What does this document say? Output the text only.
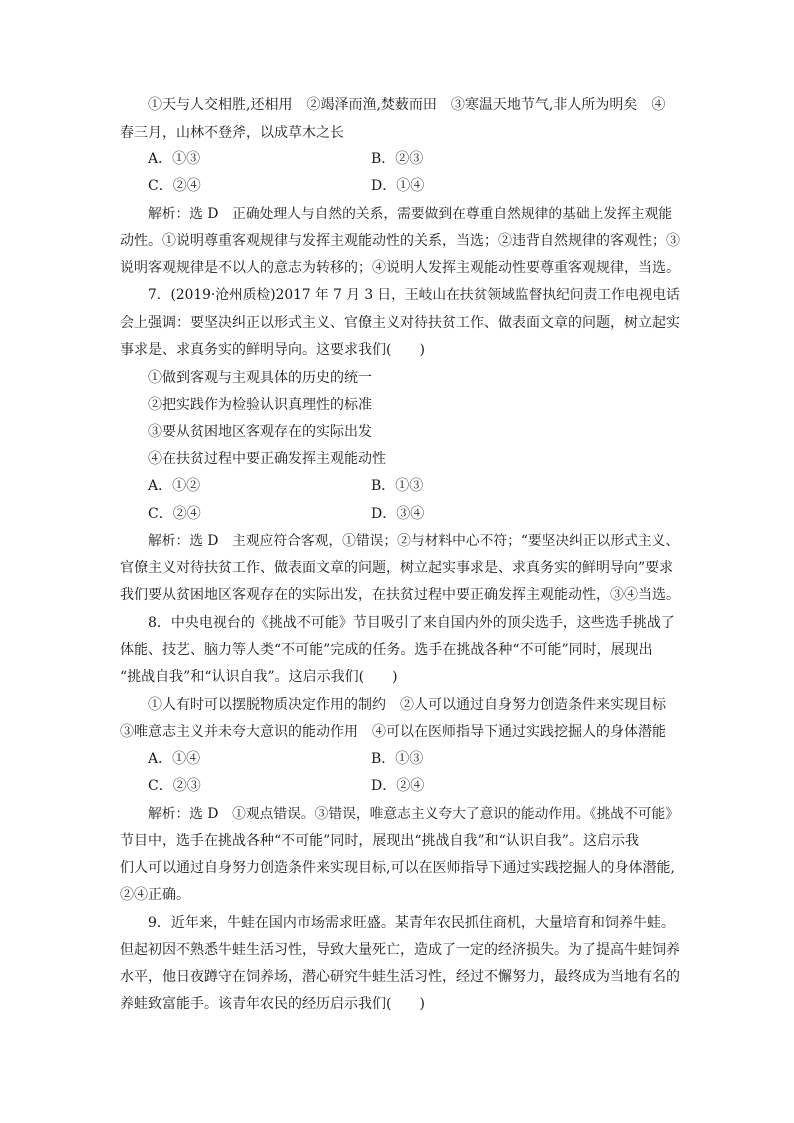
①天与人交相胜,还相用　②竭泽而渔,焚薮而田　③寒温天地节气,非人所为明矣　④
春三月，山林不登斧，以成草木之长
A．①③	B．②③
C．②④	D．①④
解析：选 D　正确处理人与自然的关系，需要做到在尊重自然规律的基础上发挥主观能
动性。①说明尊重客观规律与发挥主观能动性的关系，当选；②违背自然规律的客观性；③
说明客观规律是不以人的意志为转移的；④说明人发挥主观能动性要尊重客观规律，当选。
7．(2019·沧州质检)2017 年 7 月 3 日，王岐山在扶贫领域监督执纪问责工作电视电话
会上强调：要坚决纠正以形式主义、官僚主义对待扶贫工作、做表面文章的问题，树立起实
事求是、求真务实的鲜明导向。这要求我们(　　)
①做到客观与主观具体的历史的统一
②把实践作为检验认识真理性的标准
③要从贫困地区客观存在的实际出发
④在扶贫过程中要正确发挥主观能动性
A．①②	B．①③
C．②④	D．③④
解析：选 D　主观应符合客观，①错误；②与材料中心不符；“要坚决纠正以形式主义、
官僚主义对待扶贫工作、做表面文章的问题，树立起实事求是、求真务实的鲜明导向”要求
我们要从贫困地区客观存在的实际出发，在扶贫过程中要正确发挥主观能动性，③④当选。
8．中央电视台的《挑战不可能》节目吸引了来自国内外的顶尖选手，这些选手挑战了
体能、技艺、脑力等人类“不可能”完成的任务。选手在挑战各种“不可能”同时，展现出
“挑战自我”和“认识自我”。这启示我们(　　)
①人有时可以摆脱物质决定作用的制约　②人可以通过自身努力创造条件来实现目标
③唯意志主义并未夸大意识的能动作用　④可以在医师指导下通过实践挖掘人的身体潜能
A．①④	B．①③
C．②③	D．②④
解析：选 D　①观点错误。③错误，唯意志主义夸大了意识的能动作用。《挑战不可能》
节目中，选手在挑战各种“不可能”同时，展现出“挑战自我”和“认识自我”。这启示我
们人可以通过自身努力创造条件来实现目标,可以在医师指导下通过实践挖掘人的身体潜能,
②④正确。
9．近年来，牛蛙在国内市场需求旺盛。某青年农民抓住商机，大量培育和饲养牛蛙。
但起初因不熟悉牛蛙生活习性，导致大量死亡，造成了一定的经济损失。为了提高牛蛙饲养
水平，他日夜蹲守在饲养场，潜心研究牛蛙生活习性，经过不懈努力，最终成为当地有名的
养蛙致富能手。该青年农民的经历启示我们(　　)
